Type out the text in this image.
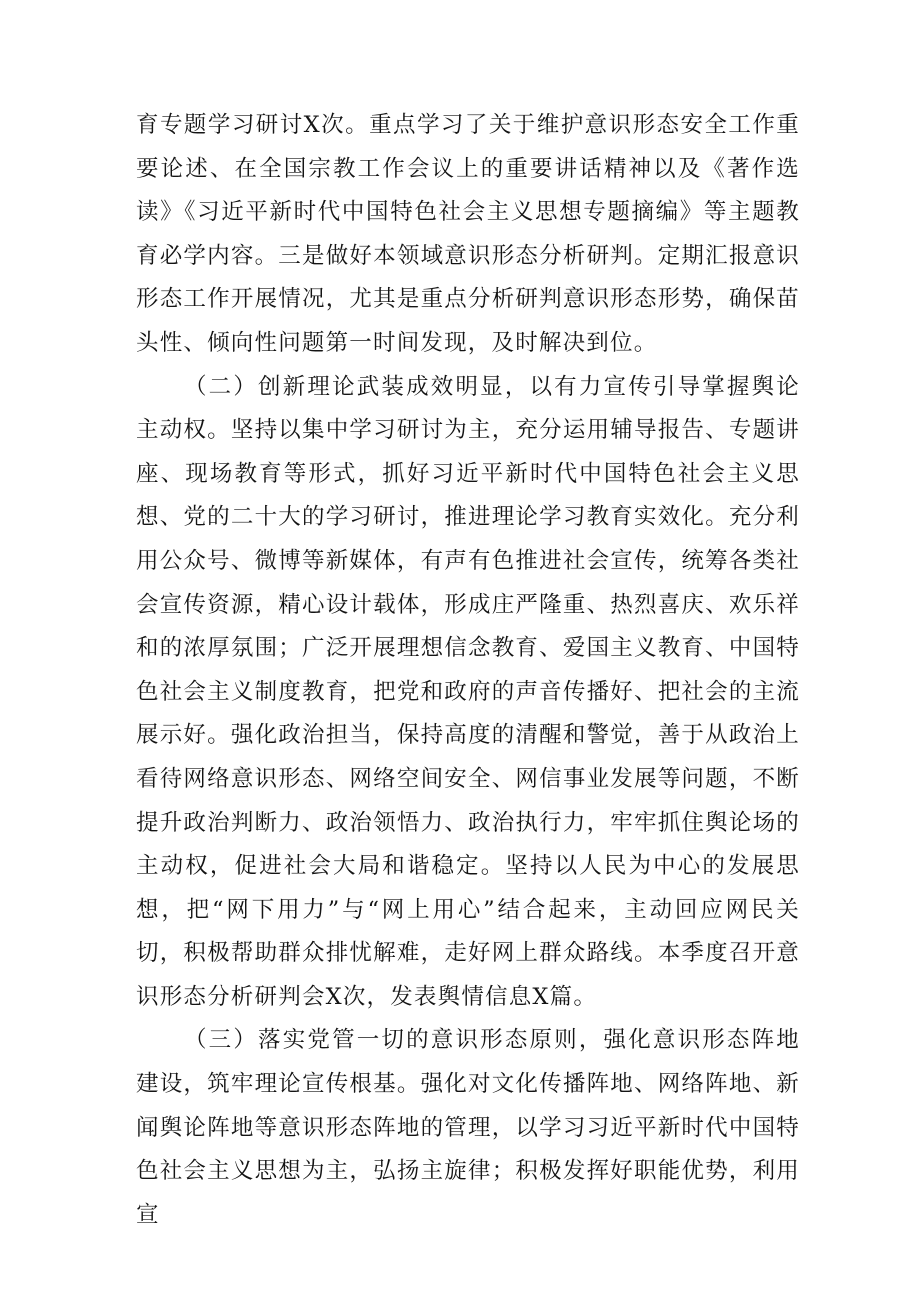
育专题学习研讨X次。重点学习了关于维护意识形态安全工作重要论述、在全国宗教工作会议上的重要讲话精神以及《著作选读》《习近平新时代中国特色社会主义思想专题摘编》等主题教育必学内容。三是做好本领域意识形态分析研判。定期汇报意识形态工作开展情况，尤其是重点分析研判意识形态形势，确保苗头性、倾向性问题第一时间发现，及时解决到位。

（二）创新理论武装成效明显，以有力宣传引导掌握舆论主动权。坚持以集中学习研讨为主，充分运用辅导报告、专题讲座、现场教育等形式，抓好习近平新时代中国特色社会主义思想、党的二十大的学习研讨，推进理论学习教育实效化。充分利用公众号、微博等新媒体，有声有色推进社会宣传，统筹各类社会宣传资源，精心设计载体，形成庄严隆重、热烈喜庆、欢乐祥和的浓厚氛围；广泛开展理想信念教育、爱国主义教育、中国特色社会主义制度教育，把党和政府的声音传播好、把社会的主流展示好。强化政治担当，保持高度的清醒和警觉，善于从政治上看待网络意识形态、网络空间安全、网信事业发展等问题，不断提升政治判断力、政治领悟力、政治执行力，牢牢抓住舆论场的主动权，促进社会大局和谐稳定。坚持以人民为中心的发展思想，把“网下用力”与“网上用心”结合起来，主动回应网民关切，积极帮助群众排忧解难，走好网上群众路线。本季度召开意识形态分析研判会X次，发表舆情信息X篇。

（三）落实党管一切的意识形态原则，强化意识形态阵地建设，筑牢理论宣传根基。强化对文化传播阵地、网络阵地、新闻舆论阵地等意识形态阵地的管理，以学习习近平新时代中国特色社会主义思想为主，弘扬主旋律；积极发挥好职能优势，利用宣
